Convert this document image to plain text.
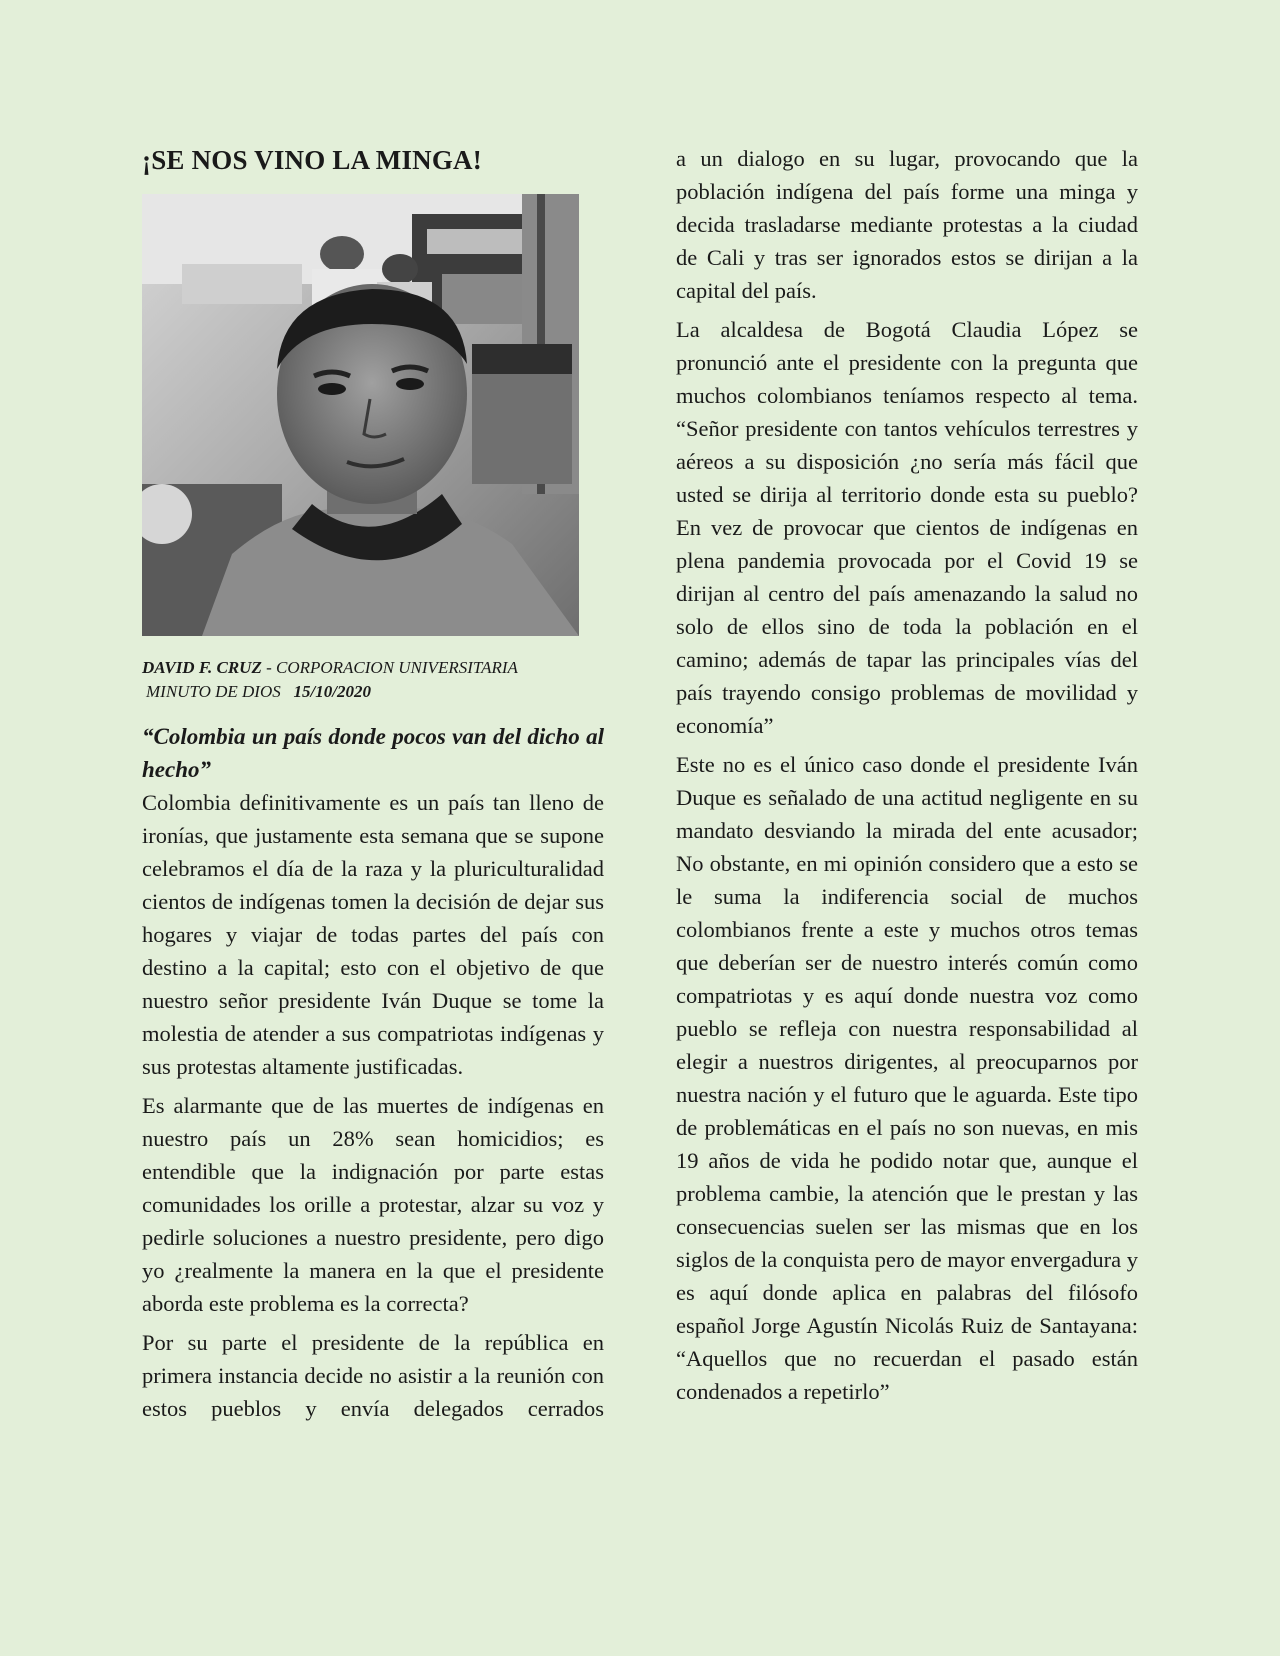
¡SE NOS VINO LA MINGA!
DAVID F. CRUZ - CORPORACION UNIVERSITARIA
MINUTO DE DIOS 15/10/2020
“Colombia un país donde pocos van del dicho al hecho”

Colombia definitivamente es un país tan lleno de ironías, que justamente esta semana que se supone celebramos el día de la raza y la pluriculturalidad cientos de indígenas tomen la decisión de dejar sus hogares y viajar de todas partes del país con destino a la capital; esto con el objetivo de que nuestro señor presidente Iván Duque se tome la molestia de atender a sus compatriotas indígenas y sus protestas altamente justificadas.

Es alarmante que de las muertes de indígenas en nuestro país un 28% sean homicidios; es entendible que la indignación por parte estas comunidades los orille a protestar, alzar su voz y pedirle soluciones a nuestro presidente, pero digo yo ¿realmente la manera en la que el presidente aborda este problema es la correcta?

Por su parte el presidente de la república en primera instancia decide no asistir a la reunión con estos pueblos y envía delegados cerrados

a un dialogo en su lugar, provocando que la población indígena del país forme una minga y decida trasladarse mediante protestas a la ciudad de Cali y tras ser ignorados estos se dirijan a la capital del país.

La alcaldesa de Bogotá Claudia López se pronunció ante el presidente con la pregunta que muchos colombianos teníamos respecto al tema. “Señor presidente con tantos vehículos terrestres y aéreos a su disposición ¿no sería más fácil que usted se dirija al territorio donde esta su pueblo? En vez de provocar que cientos de indígenas en plena pandemia provocada por el Covid 19 se dirijan al centro del país amenazando la salud no solo de ellos sino de toda la población en el camino; además de tapar las principales vías del país trayendo consigo problemas de movilidad y economía”

Este no es el único caso donde el presidente Iván Duque es señalado de una actitud negligente en su mandato desviando la mirada del ente acusador; No obstante, en mi opinión considero que a esto se le suma la indiferencia social de muchos colombianos frente a este y muchos otros temas que deberían ser de nuestro interés común como compatriotas y es aquí donde nuestra voz como pueblo se refleja con nuestra responsabilidad al elegir a nuestros dirigentes, al preocuparnos por nuestra nación y el futuro que le aguarda. Este tipo de problemáticas en el país no son nuevas, en mis 19 años de vida he podido notar que, aunque el problema cambie, la atención que le prestan y las consecuencias suelen ser las mismas que en los siglos de la conquista pero de mayor envergadura y es aquí donde aplica en palabras del filósofo español Jorge Agustín Nicolás Ruiz de Santayana: “Aquellos que no recuerdan el pasado están condenados a repetirlo”
